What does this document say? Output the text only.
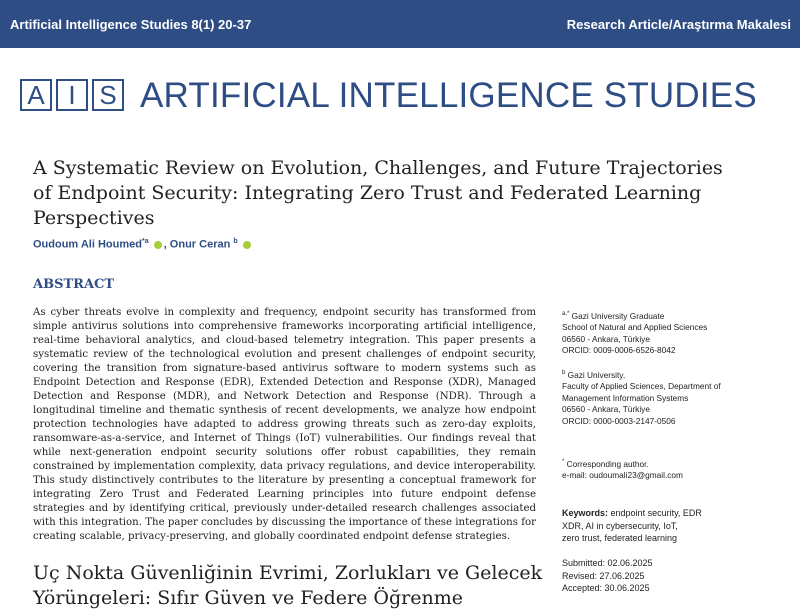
Artificial Intelligence Studies 8(1) 20-37	Research Article/Araştırma Makalesi
A I S ARTIFICIAL INTELLIGENCE STUDIES
A Systematic Review on Evolution, Challenges, and Future Trajectories
of Endpoint Security: Integrating Zero Trust and Federated Learning
Perspectives
Oudoum Ali Houmed$^{*a}$ , Onur Ceran $^b$
ABSTRACT
As cyber threats evolve in complexity and frequency, endpoint security has transformed from simple antivirus solutions into comprehensive frameworks incorporating artificial intelligence, real-time behavioral analytics, and cloud-based telemetry integration. This paper presents a systematic review of the technological evolution and present challenges of endpoint security, covering the transition from signature-based antivirus software to modern systems such as Endpoint Detection and Response (EDR), Extended Detection and Response (XDR), Managed Detection and Response (MDR), and Network Detection and Response (NDR). Through a longitudinal timeline and thematic synthesis of recent developments, we analyze how endpoint protection technologies have adapted to address growing threats such as zero-day exploits, ransomware-as-a-service, and Internet of Things (IoT) vulnerabilities. Our findings reveal that while next-generation endpoint security solutions offer robust capabilities, they remain constrained by implementation complexity, data privacy regulations, and device interoperability. This study distinctively contributes to the literature by presenting a conceptual framework for integrating Zero Trust and Federated Learning principles into future endpoint defense strategies and by identifying critical, previously under-detailed research challenges associated with this integration. The paper concludes by discussing the importance of these integrations for creating scalable, privacy-preserving, and globally coordinated endpoint defense strategies.
$^{a,*}$ Gazi University Graduate
School of Natural and Applied Sciences
06560 - Ankara, Türkiye
ORCID: 0009-0006-6526-8042
$^b$ Gazi University,
Faculty of Applied Sciences, Department of
Management Information Systems
06560 - Ankara, Türkiye
ORCID: 0000-0003-2147-0506
* Corresponding author.
e-mail: oudoumali23@gmail.com
Keywords: endpoint security, EDR
XDR, AI in cybersecurity, IoT,
zero trust, federated learning
Submitted: 02.06.2025
Revised: 27.06.2025
Accepted: 30.06.2025
Uç Nokta Güvenliğinin Evrimi, Zorlukları ve Gelecek
Yörüngeleri: Sıfır Güven ve Federe Öğrenme
